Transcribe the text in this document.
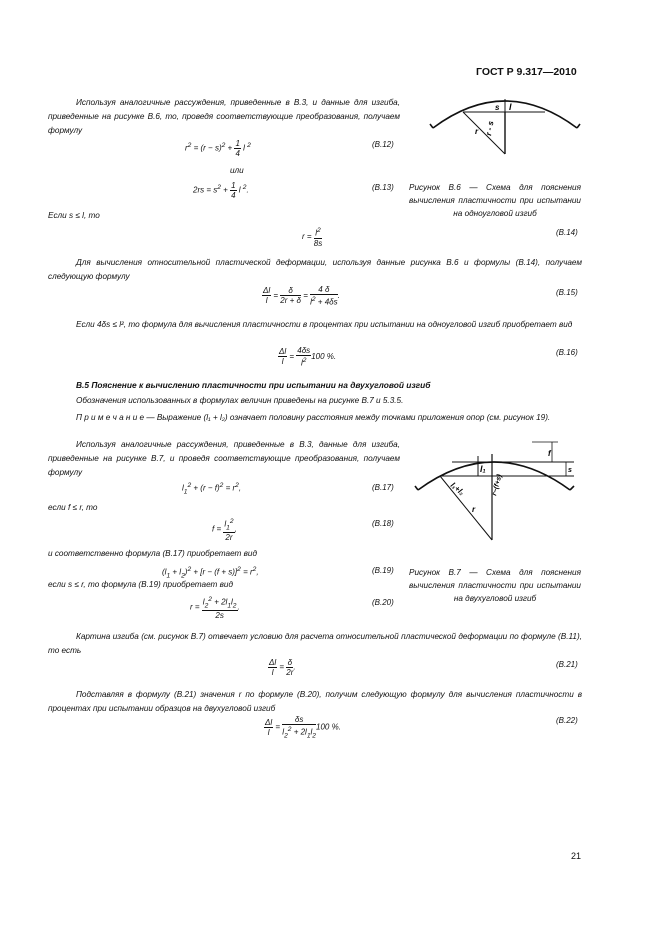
ГОСТ Р 9.317—2010
s l
r - s
r
Используя аналогичные рассуждения, приведенные в В.3, и данные для изгиба, приведенные на рисунке В.6, то, проведя соответствующие преобразования, получаем формулу
$r^2 = (r - s)^2 + \frac{1}{4}$ l $^2$	(В.12)
или
$2rs = s^2 + \frac{1}{4}$ l $^2$.	(В.13) Рисунок В.6 — Схема для пояснения вычисления пластичности при испытании на одноугловой изгиб
Если s ≤ l, то
$r = \frac{l^2}{8s}$	(В.14)
Для вычисления относительной пластической деформации, используя данные рисунка В.6 и формулы (В.14), получаем следующую формулу
$\frac{\Delta l}{l} = \frac{\delta}{2r + \delta} = \frac{4 \delta}{l^2 + 4\delta s}$ .	(В.15)
Если 4δs ≤ l², то формула для вычисления пластичности в процентах при испытании на одноугловой изгиб приобретает вид
$\frac{\Delta l}{l} = \frac{4\delta s}{l^2} 100$ %.	(В.16)
В.5 Пояснение к вычислению пластичности при испытании на двухугловой изгиб
Обозначения использованных в формулах величин приведены на рисунке В.7 и 5.3.5.
П р и м е ч а н и е — Выражение (l₁ + l₂) означает половину расстояния между точками приложения опор (см. рисунок 19).
l₁
l₁+l₂	r−(f+s)
r
f
s
Используя аналогичные рассуждения, приведенные в В.3, данные для изгиба, приведенные на рисунке В.7, и проведя соответствующие преобразования, получаем формулу
$l_1^2 + (r - f)^2 = r^2$,	(В.17)
если f ≤ r, то
$f = \frac{l_1^2}{2r}$ ,
(В.18)
и соответственно формула (В.17) приобретает вид
$(l_1 + l_2)^2 + [r - (f + s)]^2 = r^2$,	(В.19) Рисунок В.7 — Схема для пояснения вычисления пластичности при испытании на двухугловой изгиб
если s ≤ r, то формула (В.19) приобретает вид
$r = \frac{l_2^2 + 2l_1l_2}{2s}$ .
(В.20)
Картина изгиба (см. рисунок В.7) отвечает условию для расчета относительной пластической деформации по формуле (В.11), то есть
$\frac{\Delta l}{l} = \frac{\delta}{2r}$ .	(В.21)
Подставляя в формулу (В.21) значения r по формуле (В.20), получим следующую формулу для вычисления пластичности в процентах при испытании образцов на двухугловой изгиб
$\frac{\Delta l}{l} = \frac{\delta s}{l_2^2 + 2l_1l_2} 100$ %.
(В.22)
21
